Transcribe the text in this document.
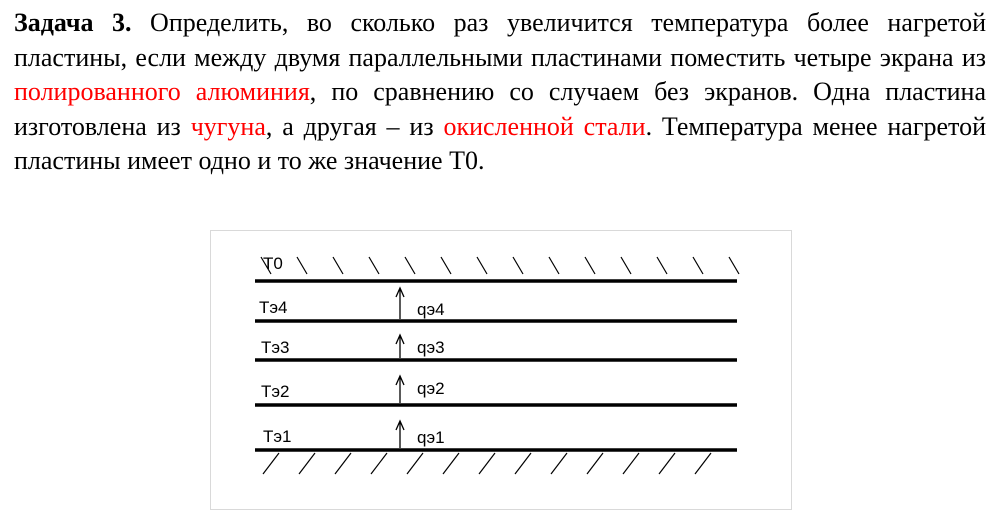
Задача 3. Определить, во сколько раз увеличится температура более нагретой пластины, если между двумя параллельными пластинами поместить четыре экрана из полированного алюминия, по сравнению со случаем без экранов. Одна пластина изготовлена из чугуна, а другая – из окисленной стали. Температура менее нагретой пластины имеет одно и то же значение T0.

T0
Tэ4	qэ4
Tэ3	qэ3
Tэ2	qэ2
Tэ1	qэ1
